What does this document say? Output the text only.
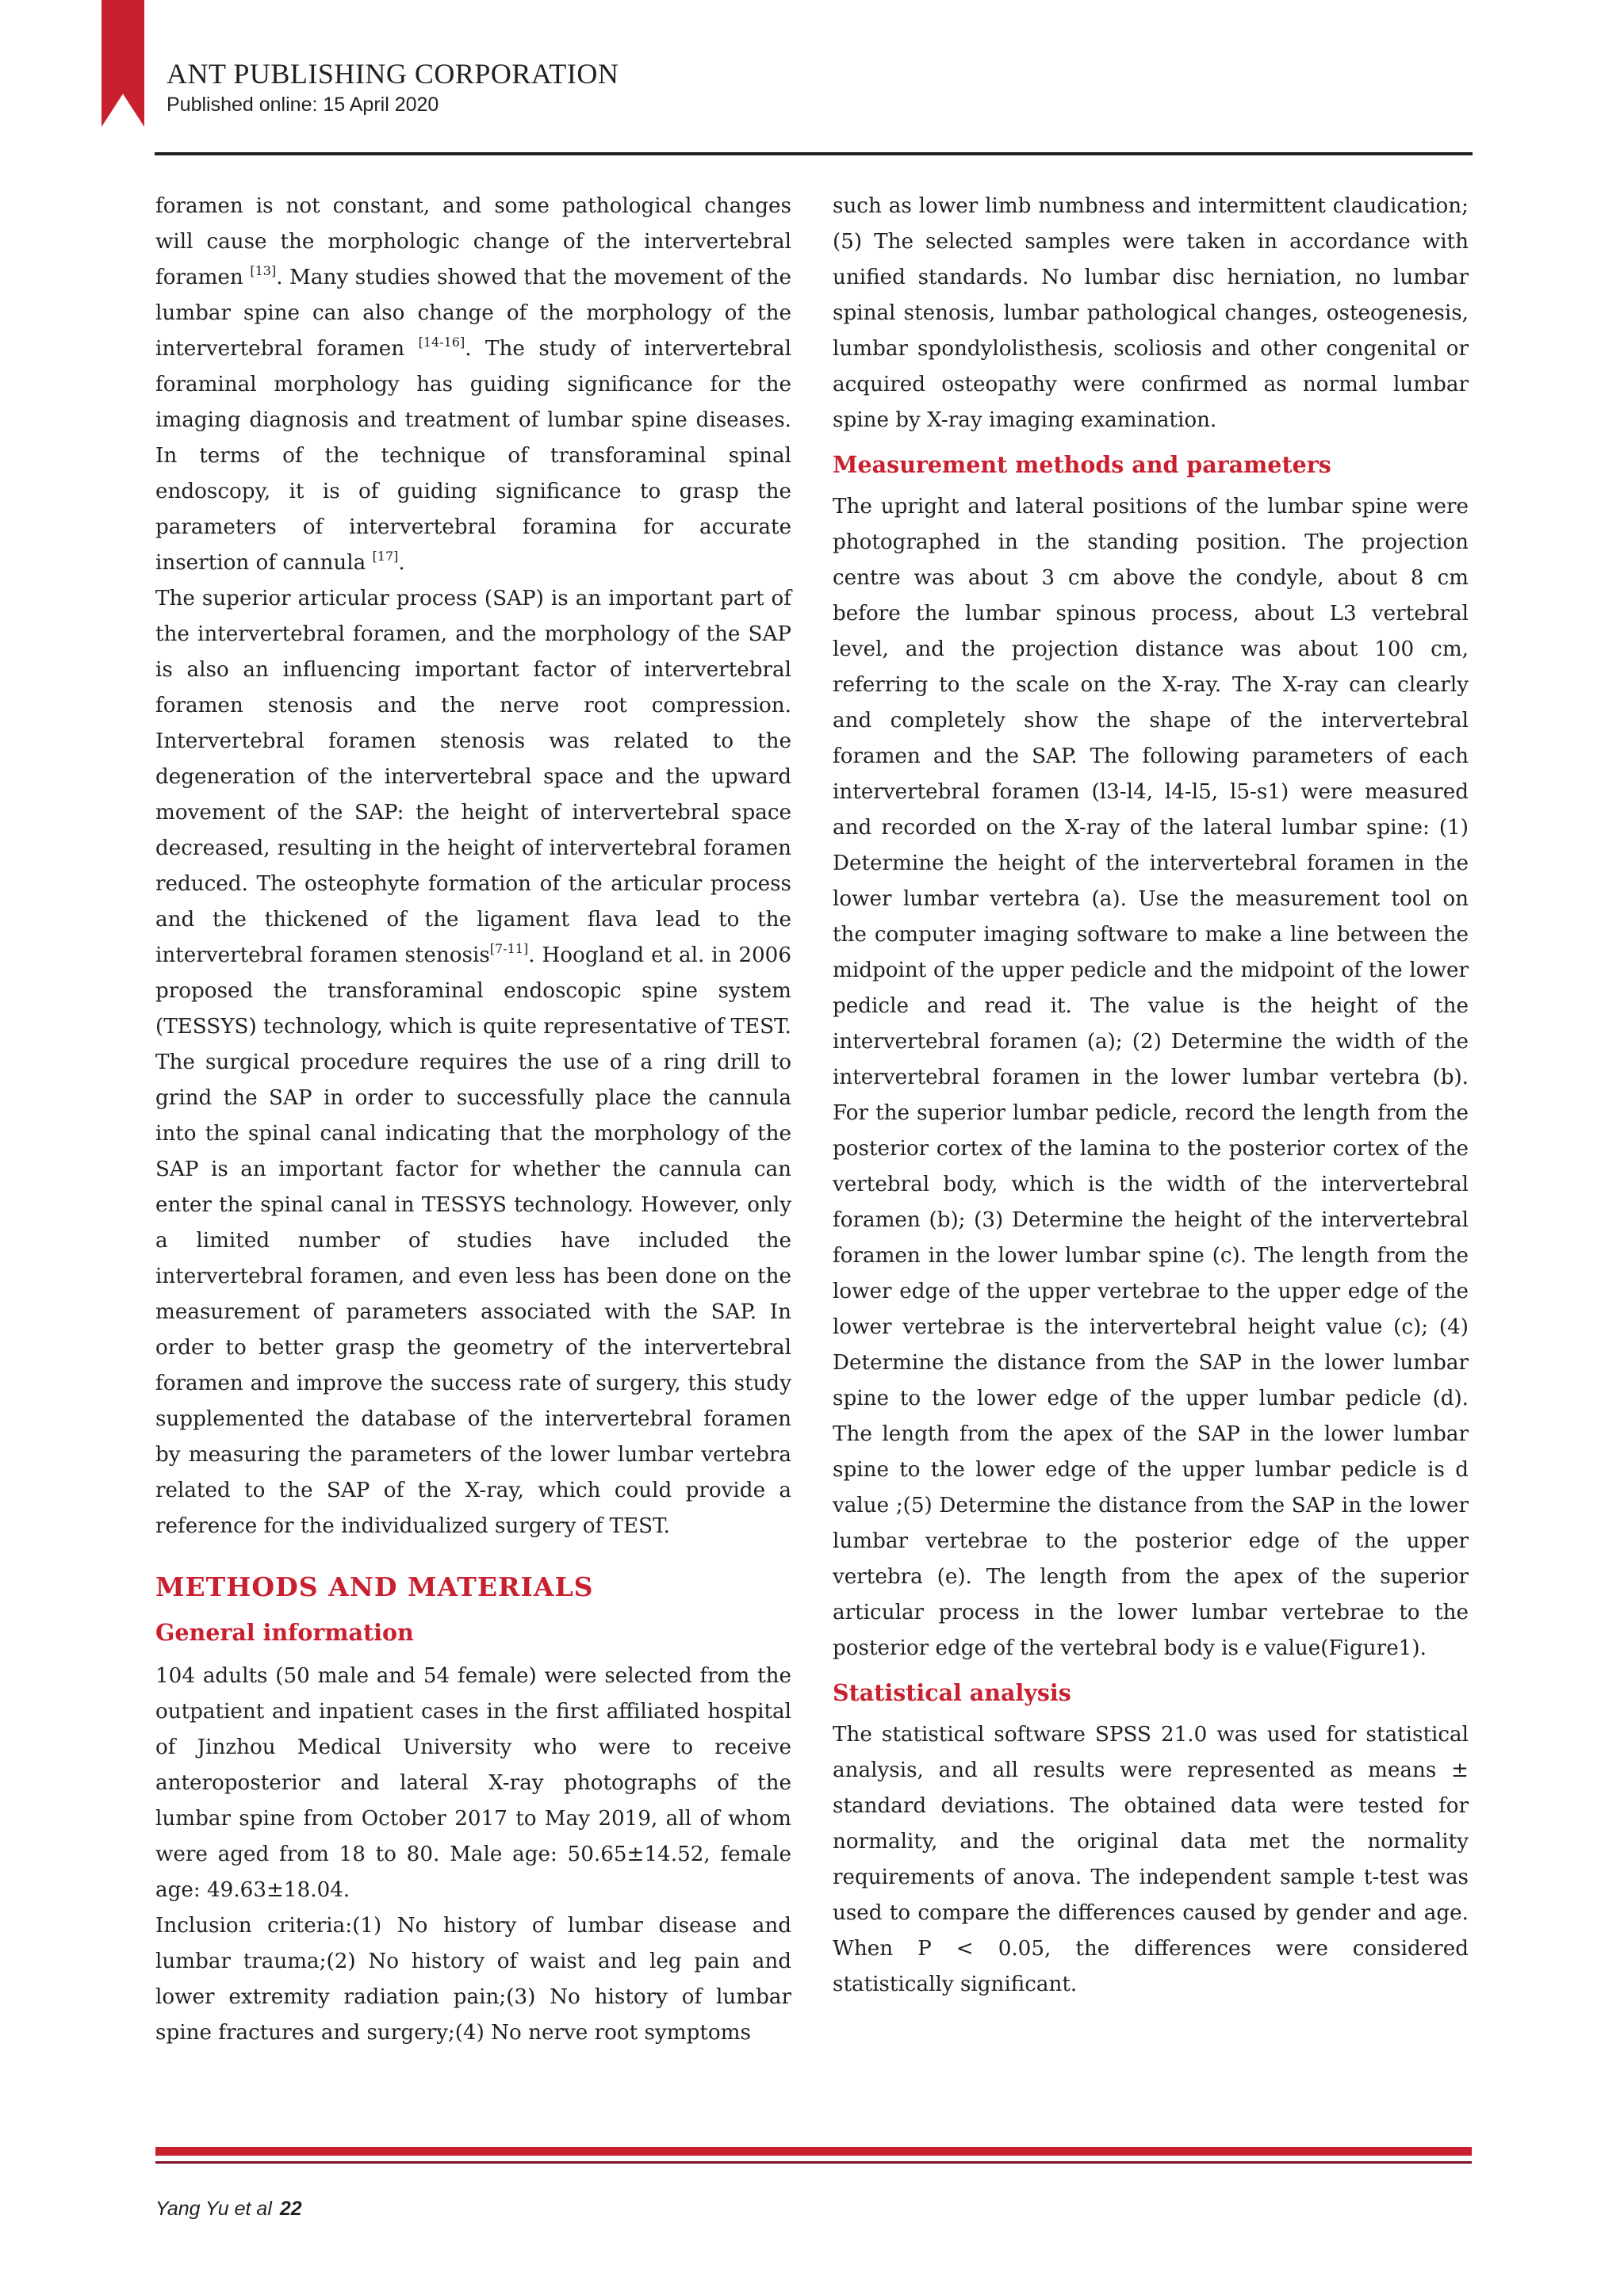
ANT PUBLISHING CORPORATION
Published online: 15 April 2020

foramen is not constant, and some pathological changes will cause the morphologic change of the intervertebral foramen [13]. Many studies showed that the movement of the lumbar spine can also change of the morphology of the intervertebral foramen [14-16]. The study of intervertebral foraminal morphology has guiding significance for the imaging diagnosis and treatment of lumbar spine diseases. In terms of the technique of transforaminal spinal endoscopy, it is of guiding significance to grasp the parameters of intervertebral foramina for accurate insertion of cannula [17].

The superior articular process (SAP) is an important part of the intervertebral foramen, and the morphology of the SAP is also an influencing important factor of intervertebral foramen stenosis and the nerve root compression. Intervertebral foramen stenosis was related to the degeneration of the intervertebral space and the upward movement of the SAP: the height of intervertebral space decreased, resulting in the height of intervertebral foramen reduced. The osteophyte formation of the articular process and the thickened of the ligament flava lead to the intervertebral foramen stenosis[7-11]. Hoogland et al. in 2006 proposed the transforaminal endoscopic spine system (TESSYS) technology, which is quite representative of TEST. The surgical procedure requires the use of a ring drill to grind the SAP in order to successfully place the cannula into the spinal canal indicating that the morphology of the SAP is an important factor for whether the cannula can enter the spinal canal in TESSYS technology. However, only a limited number of studies have included the intervertebral foramen, and even less has been done on the measurement of parameters associated with the SAP. In order to better grasp the geometry of the intervertebral foramen and improve the success rate of surgery, this study supplemented the database of the intervertebral foramen by measuring the parameters of the lower lumbar vertebra related to the SAP of the X-ray, which could provide a reference for the individualized surgery of TEST.

METHODS AND MATERIALS
General information

104 adults (50 male and 54 female) were selected from the outpatient and inpatient cases in the first affiliated hospital of Jinzhou Medical University who were to receive anteroposterior and lateral X-ray photographs of the lumbar spine from October 2017 to May 2019, all of whom were aged from 18 to 80. Male age: 50.65±14.52, female age: 49.63±18.04.

Inclusion criteria:(1) No history of lumbar disease and lumbar trauma;(2) No history of waist and leg pain and lower extremity radiation pain;(3) No history of lumbar spine fractures and surgery;(4) No nerve root symptoms

such as lower limb numbness and intermittent claudication;(5) The selected samples were taken in accordance with unified standards. No lumbar disc herniation, no lumbar spinal stenosis, lumbar pathological changes, osteogenesis, lumbar spondylolisthesis, scoliosis and other congenital or acquired osteopathy were confirmed as normal lumbar spine by X-ray imaging examination.

Measurement methods and parameters

The upright and lateral positions of the lumbar spine were photographed in the standing position. The projection centre was about 3 cm above the condyle, about 8 cm before the lumbar spinous process, about L3 vertebral level, and the projection distance was about 100 cm, referring to the scale on the X-ray. The X-ray can clearly and completely show the shape of the intervertebral foramen and the SAP. The following parameters of each intervertebral foramen (l3-l4, l4-l5, l5-s1) were measured and recorded on the X-ray of the lateral lumbar spine: (1) Determine the height of the intervertebral foramen in the lower lumbar vertebra (a). Use the measurement tool on the computer imaging software to make a line between the midpoint of the upper pedicle and the midpoint of the lower pedicle and read it. The value is the height of the intervertebral foramen (a); (2) Determine the width of the intervertebral foramen in the lower lumbar vertebra (b). For the superior lumbar pedicle, record the length from the posterior cortex of the lamina to the posterior cortex of the vertebral body, which is the width of the intervertebral foramen (b); (3) Determine the height of the intervertebral foramen in the lower lumbar spine (c). The length from the lower edge of the upper vertebrae to the upper edge of the lower vertebrae is the intervertebral height value (c); (4) Determine the distance from the SAP in the lower lumbar spine to the lower edge of the upper lumbar pedicle (d). The length from the apex of the SAP in the lower lumbar spine to the lower edge of the upper lumbar pedicle is d value ;(5) Determine the distance from the SAP in the lower lumbar vertebrae to the posterior edge of the upper vertebra (e). The length from the apex of the superior articular process in the lower lumbar vertebrae to the posterior edge of the vertebral body is e value(Figure1).

Statistical analysis

The statistical software SPSS 21.0 was used for statistical analysis, and all results were represented as means ± standard deviations. The obtained data were tested for normality, and the original data met the normality requirements of anova. The independent sample t-test was used to compare the differences caused by gender and age. When P < 0.05, the differences were considered statistically significant.

Yang Yu et al 22
